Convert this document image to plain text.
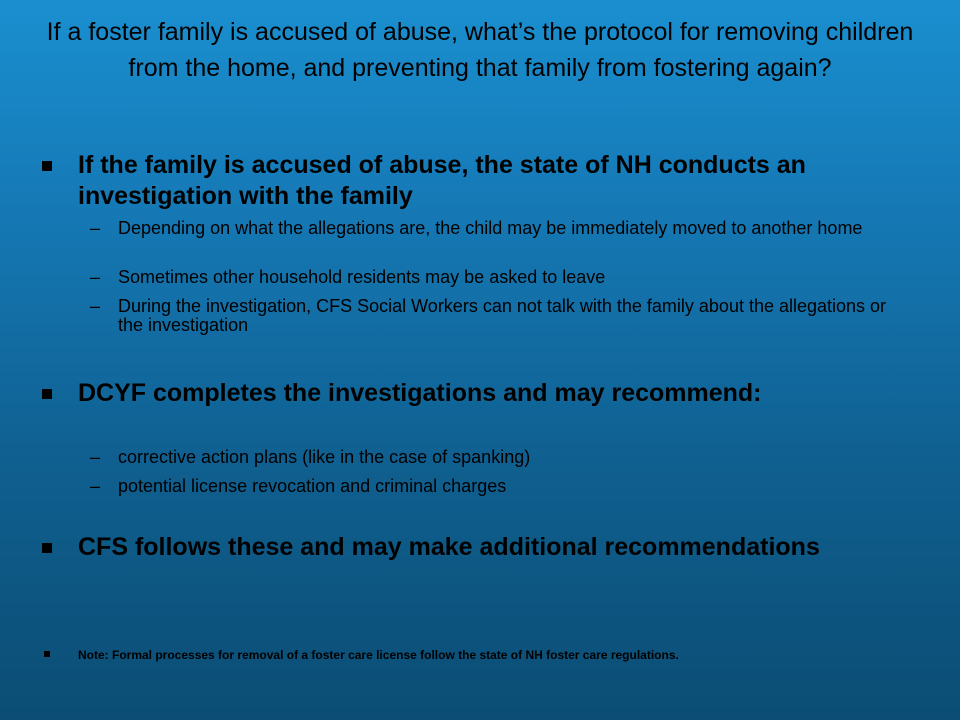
If a foster family is accused of abuse, what’s the protocol for removing children from the home, and preventing that family from fostering again?
If the family is accused of abuse, the state of NH conducts an investigation with the family
– Depending on what the allegations are, the child may be immediately moved to another home
– Sometimes other household residents may be asked to leave
– During the investigation, CFS Social Workers can not talk with the family about the allegations or the investigation
DCYF completes the investigations and may recommend:
– corrective action plans (like in the case of spanking)
– potential license revocation and criminal charges
CFS follows these and may make additional recommendations
Note: Formal processes for removal of a foster care license follow the state of NH foster care regulations.
